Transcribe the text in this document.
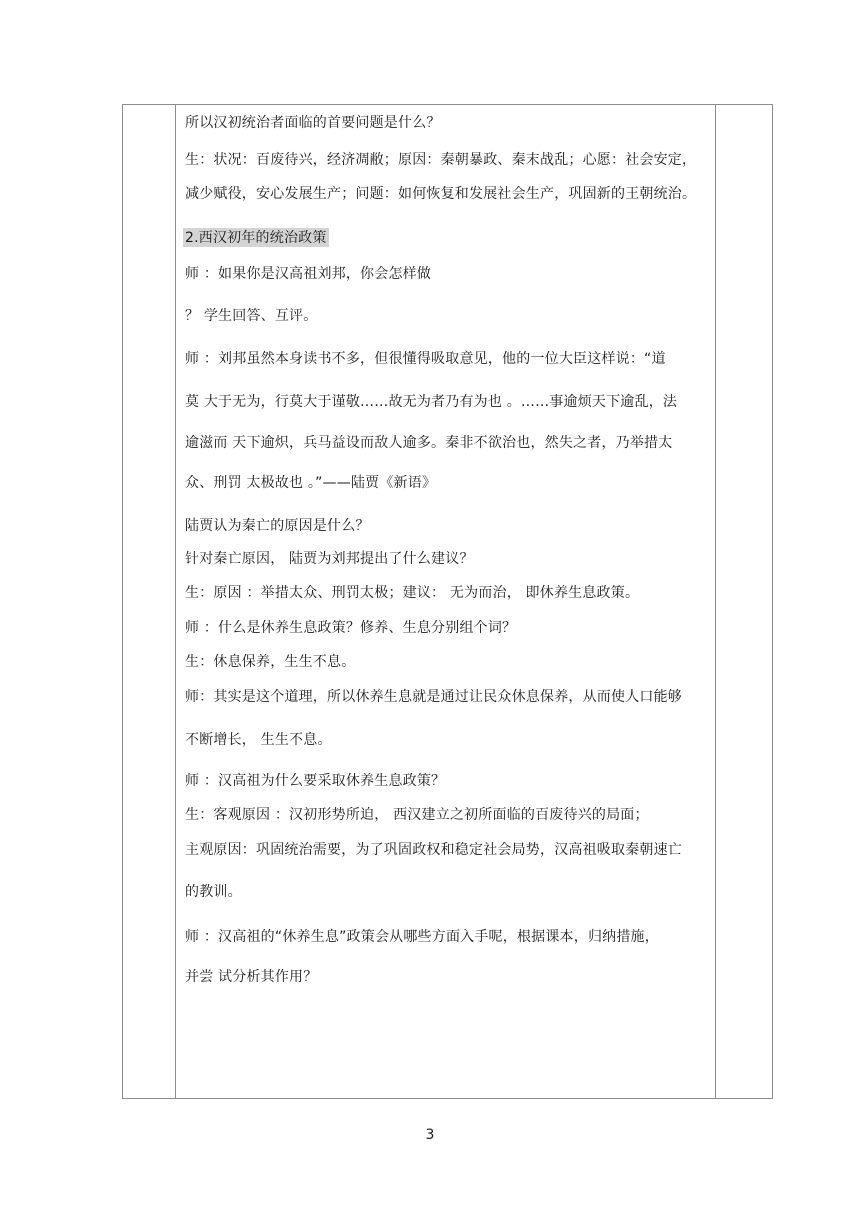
所以汉初统治者面临的首要问题是什么？
生：状况：百废待兴，经济凋敝；原因：秦朝暴政、秦末战乱；心愿：社会安定，
减少赋役，安心发展生产；问题：如何恢复和发展社会生产，巩固新的王朝统治。
2.西汉初年的统治政策
师 ：如果你是汉高祖刘邦，你会怎样做
？ 学生回答、互评。
师 ：刘邦虽然本身读书不多，但很懂得吸取意见，他的一位大臣这样说：“道
莫 大于无为，行莫大于谨敬……故无为者乃有为也 。……事逾烦天下逾乱，法
逾滋而 天下逾炽，兵马益设而敌人逾多。秦非不欲治也，然失之者，乃举措太
众、刑罚 太极故也 。”——陆贾《新语》
陆贾认为秦亡的原因是什么？
针对秦亡原因， 陆贾为刘邦提出了什么建议？
生：原因 ：举措太众、刑罚太极；建议： 无为而治， 即休养生息政策。
师 ：什么是休养生息政策？修养、生息分别组个词？
生：休息保养，生生不息。
师：其实是这个道理，所以休养生息就是通过让民众休息保养，从而使人口能够
不断增长， 生生不息。
师 ：汉高祖为什么要采取休养生息政策？
生：客观原因 ：汉初形势所迫， 西汉建立之初所面临的百废待兴的局面；
主观原因：巩固统治需要，为了巩固政权和稳定社会局势，汉高祖吸取秦朝速亡
的教训。
师 ：汉高祖的“休养生息”政策会从哪些方面入手呢，根据课本，归纳措施，
并尝 试分析其作用？
3
